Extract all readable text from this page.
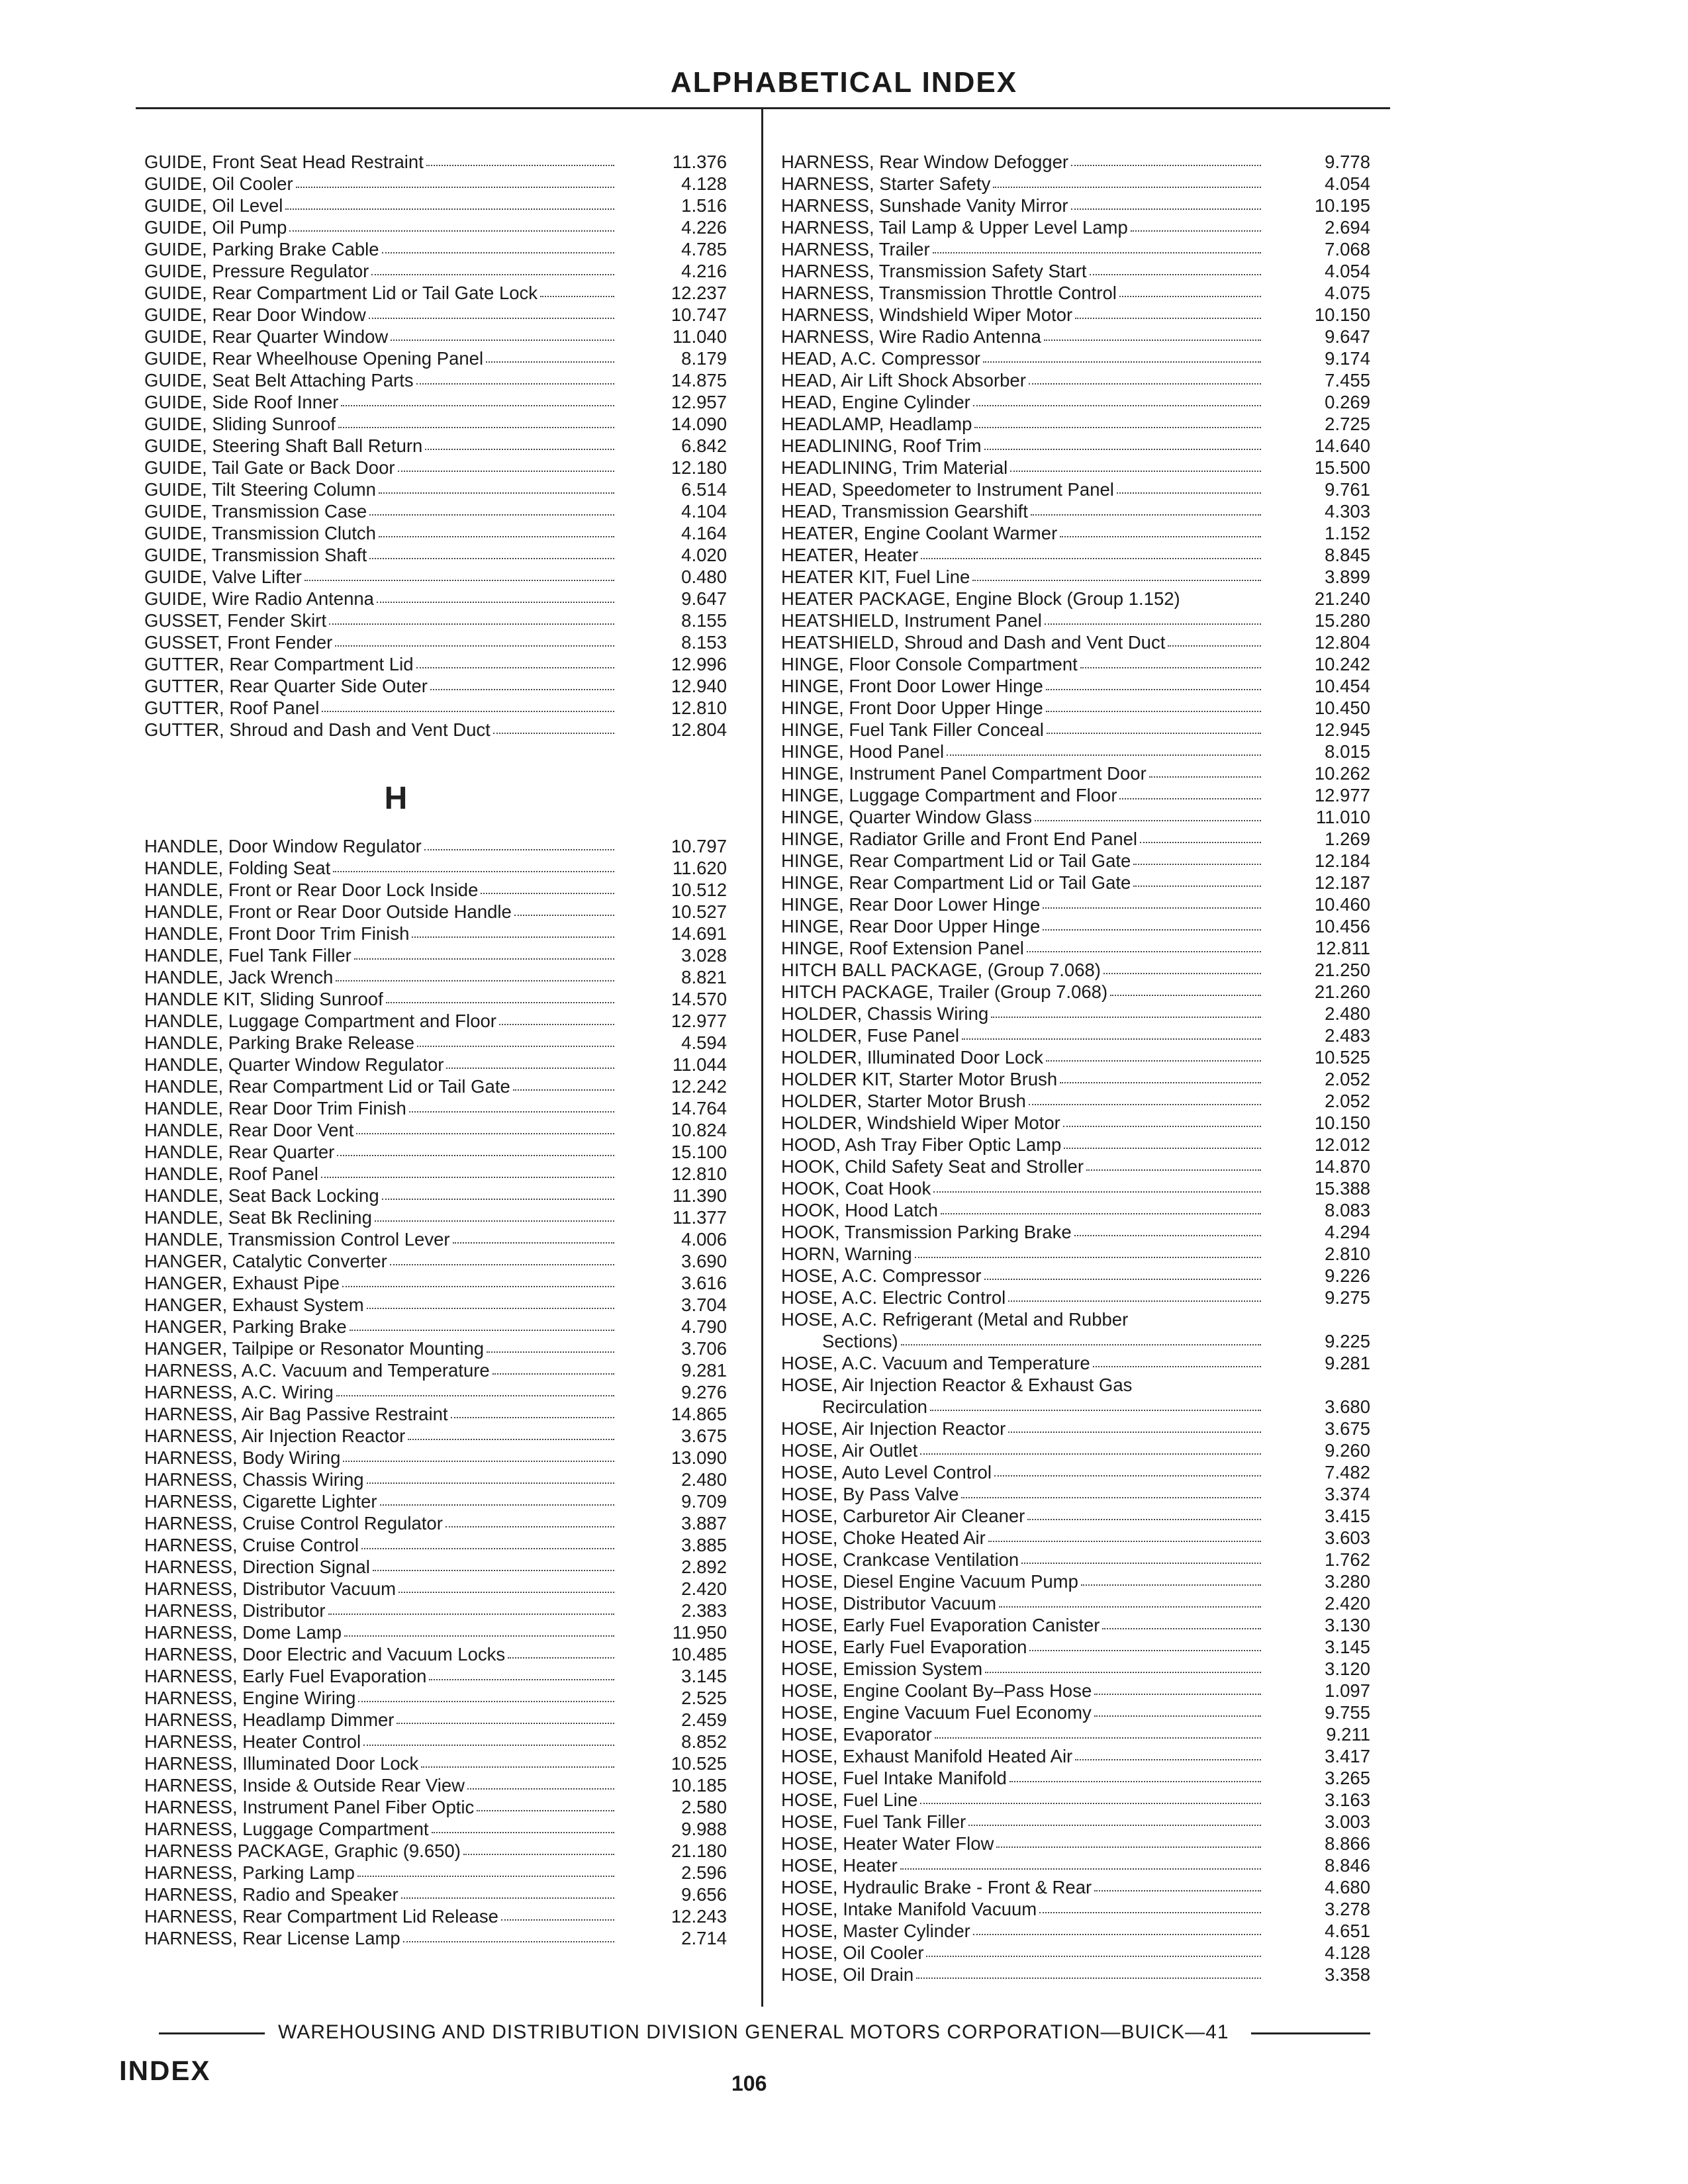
ALPHABETICAL INDEX
GUIDE, Front Seat Head Restraint	11.376
GUIDE, Oil Cooler	4.128
GUIDE, Oil Level	1.516
GUIDE, Oil Pump	4.226
GUIDE, Parking Brake Cable	4.785
GUIDE, Pressure Regulator	4.216
GUIDE, Rear Compartment Lid or Tail Gate Lock	12.237
GUIDE, Rear Door Window	10.747
GUIDE, Rear Quarter Window	11.040
GUIDE, Rear Wheelhouse Opening Panel	8.179
GUIDE, Seat Belt Attaching Parts	14.875
GUIDE, Side Roof Inner	12.957
GUIDE, Sliding Sunroof	14.090
GUIDE, Steering Shaft Ball Return	6.842
GUIDE, Tail Gate or Back Door	12.180
GUIDE, Tilt Steering Column	6.514
GUIDE, Transmission Case	4.104
GUIDE, Transmission Clutch	4.164
GUIDE, Transmission Shaft	4.020
GUIDE, Valve Lifter	0.480
GUIDE, Wire Radio Antenna	9.647
GUSSET, Fender Skirt	8.155
GUSSET, Front Fender	8.153
GUTTER, Rear Compartment Lid	12.996
GUTTER, Rear Quarter Side Outer	12.940
GUTTER, Roof Panel	12.810
GUTTER, Shroud and Dash and Vent Duct	12.804
H
HANDLE, Door Window Regulator	10.797
HANDLE, Folding Seat	11.620
HANDLE, Front or Rear Door Lock Inside	10.512
HANDLE, Front or Rear Door Outside Handle	10.527
HANDLE, Front Door Trim Finish	14.691
HANDLE, Fuel Tank Filler	3.028
HANDLE, Jack Wrench	8.821
HANDLE KIT, Sliding Sunroof	14.570
HANDLE, Luggage Compartment and Floor	12.977
HANDLE, Parking Brake Release	4.594
HANDLE, Quarter Window Regulator	11.044
HANDLE, Rear Compartment Lid or Tail Gate	12.242
HANDLE, Rear Door Trim Finish	14.764
HANDLE, Rear Door Vent	10.824
HANDLE, Rear Quarter	15.100
HANDLE, Roof Panel	12.810
HANDLE, Seat Back Locking	11.390
HANDLE, Seat Bk Reclining	11.377
HANDLE, Transmission Control Lever	4.006
HANGER, Catalytic Converter	3.690
HANGER, Exhaust Pipe	3.616
HANGER, Exhaust System	3.704
HANGER, Parking Brake	4.790
HANGER, Tailpipe or Resonator Mounting	3.706
HARNESS, A.C. Vacuum and Temperature	9.281
HARNESS, A.C. Wiring	9.276
HARNESS, Air Bag Passive Restraint	14.865
HARNESS, Air Injection Reactor	3.675
HARNESS, Body Wiring	13.090
HARNESS, Chassis Wiring	2.480
HARNESS, Cigarette Lighter	9.709
HARNESS, Cruise Control Regulator	3.887
HARNESS, Cruise Control	3.885
HARNESS, Direction Signal	2.892
HARNESS, Distributor Vacuum	2.420
HARNESS, Distributor	2.383
HARNESS, Dome Lamp	11.950
HARNESS, Door Electric and Vacuum Locks	10.485
HARNESS, Early Fuel Evaporation	3.145
HARNESS, Engine Wiring	2.525
HARNESS, Headlamp Dimmer	2.459
HARNESS, Heater Control	8.852
HARNESS, Illuminated Door Lock	10.525
HARNESS, Inside & Outside Rear View	10.185
HARNESS, Instrument Panel Fiber Optic	2.580
HARNESS, Luggage Compartment	9.988
HARNESS PACKAGE, Graphic (9.650)	21.180
HARNESS, Parking Lamp	2.596
HARNESS, Radio and Speaker	9.656
HARNESS, Rear Compartment Lid Release	12.243
HARNESS, Rear License Lamp	2.714
HARNESS, Rear Window Defogger	9.778
HARNESS, Starter Safety	4.054
HARNESS, Sunshade Vanity Mirror	10.195
HARNESS, Tail Lamp & Upper Level Lamp	2.694
HARNESS, Trailer	7.068
HARNESS, Transmission Safety Start	4.054
HARNESS, Transmission Throttle Control	4.075
HARNESS, Windshield Wiper Motor	10.150
HARNESS, Wire Radio Antenna	9.647
HEAD, A.C. Compressor	9.174
HEAD, Air Lift Shock Absorber	7.455
HEAD, Engine Cylinder	0.269
HEADLAMP, Headlamp	2.725
HEADLINING, Roof Trim	14.640
HEADLINING, Trim Material	15.500
HEAD, Speedometer to Instrument Panel	9.761
HEAD, Transmission Gearshift	4.303
HEATER, Engine Coolant Warmer	1.152
HEATER, Heater	8.845
HEATER KIT, Fuel Line	3.899
HEATER PACKAGE, Engine Block (Group 1.152)	21.240
HEATSHIELD, Instrument Panel	15.280
HEATSHIELD, Shroud and Dash and Vent Duct	12.804
HINGE, Floor Console Compartment	10.242
HINGE, Front Door Lower Hinge	10.454
HINGE, Front Door Upper Hinge	10.450
HINGE, Fuel Tank Filler Conceal	12.945
HINGE, Hood Panel	8.015
HINGE, Instrument Panel Compartment Door	10.262
HINGE, Luggage Compartment and Floor	12.977
HINGE, Quarter Window Glass	11.010
HINGE, Radiator Grille and Front End Panel	1.269
HINGE, Rear Compartment Lid or Tail Gate	12.184
HINGE, Rear Compartment Lid or Tail Gate	12.187
HINGE, Rear Door Lower Hinge	10.460
HINGE, Rear Door Upper Hinge	10.456
HINGE, Roof Extension Panel	12.811
HITCH BALL PACKAGE, (Group 7.068)	21.250
HITCH PACKAGE, Trailer (Group 7.068)	21.260
HOLDER, Chassis Wiring	2.480
HOLDER, Fuse Panel	2.483
HOLDER, Illuminated Door Lock	10.525
HOLDER KIT, Starter Motor Brush	2.052
HOLDER, Starter Motor Brush	2.052
HOLDER, Windshield Wiper Motor	10.150
HOOD, Ash Tray Fiber Optic Lamp	12.012
HOOK, Child Safety Seat and Stroller	14.870
HOOK, Coat Hook	15.388
HOOK, Hood Latch	8.083
HOOK, Transmission Parking Brake	4.294
HORN, Warning	2.810
HOSE, A.C. Compressor	9.226
HOSE, A.C. Electric Control	9.275
HOSE, A.C. Refrigerant (Metal and Rubber
Sections)	9.225
HOSE, A.C. Vacuum and Temperature	9.281
HOSE, Air Injection Reactor & Exhaust Gas
Recirculation	3.680
HOSE, Air Injection Reactor	3.675
HOSE, Air Outlet	9.260
HOSE, Auto Level Control	7.482
HOSE, By Pass Valve	3.374
HOSE, Carburetor Air Cleaner	3.415
HOSE, Choke Heated Air	3.603
HOSE, Crankcase Ventilation	1.762
HOSE, Diesel Engine Vacuum Pump	3.280
HOSE, Distributor Vacuum	2.420
HOSE, Early Fuel Evaporation Canister	3.130
HOSE, Early Fuel Evaporation	3.145
HOSE, Emission System	3.120
HOSE, Engine Coolant By–Pass Hose	1.097
HOSE, Engine Vacuum Fuel Economy	9.755
HOSE, Evaporator	9.211
HOSE, Exhaust Manifold Heated Air	3.417
HOSE, Fuel Intake Manifold	3.265
HOSE, Fuel Line	3.163
HOSE, Fuel Tank Filler	3.003
HOSE, Heater Water Flow	8.866
HOSE, Heater	8.846
HOSE, Hydraulic Brake - Front & Rear	4.680
HOSE, Intake Manifold Vacuum	3.278
HOSE, Master Cylinder	4.651
HOSE, Oil Cooler	4.128
HOSE, Oil Drain	3.358
WAREHOUSING AND DISTRIBUTION DIVISION GENERAL MOTORS CORPORATION—BUICK—41
INDEX	106
